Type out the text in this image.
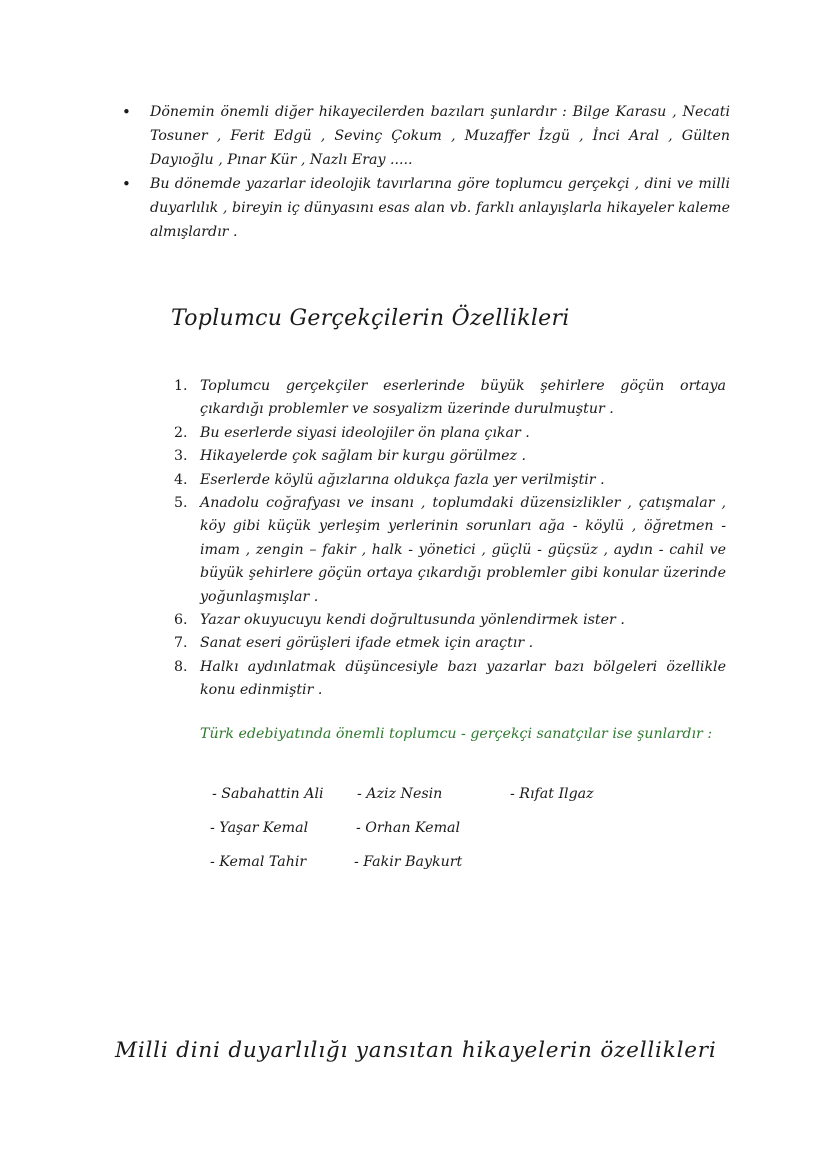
• Dönemin önemli diğer hikayecilerden bazıları şunlardır : Bilge Karasu , Necati Tosuner , Ferit Edgü , Sevinç Çokum , Muzaffer İzgü , İnci Aral , Gülten Dayıoğlu , Pınar Kür , Nazlı Eray .....
• Bu dönemde yazarlar ideolojik tavırlarına göre toplumcu gerçekçi , dini ve milli duyarlılık , bireyin iç dünyasını esas alan vb. farklı anlayışlarla hikayeler kaleme almışlardır .
Toplumcu Gerçekçilerin Özellikleri
1. Toplumcu gerçekçiler eserlerinde büyük şehirlere göçün ortaya çıkardığı problemler ve sosyalizm üzerinde durulmuştur .
2. Bu eserlerde siyasi ideolojiler ön plana çıkar .
3. Hikayelerde çok sağlam bir kurgu görülmez .
4. Eserlerde köylü ağızlarına oldukça fazla yer verilmiştir .
5. Anadolu coğrafyası ve insanı , toplumdaki düzensizlikler , çatışmalar , köy gibi küçük yerleşim yerlerinin sorunları ağa - köylü , öğretmen - imam , zengin – fakir , halk - yönetici , güçlü - güçsüz , aydın - cahil ve büyük şehirlere göçün ortaya çıkardığı problemler gibi konular üzerinde yoğunlaşmışlar .
6. Yazar okuyucuyu kendi doğrultusunda yönlendirmek ister .
7. Sanat eseri görüşleri ifade etmek için araçtır .
8. Halkı aydınlatmak düşüncesiyle bazı yazarlar bazı bölgeleri özellikle konu edinmiştir .
Türk edebiyatında önemli toplumcu - gerçekçi sanatçılar ise şunlardır :
- Sabahattin Ali - Aziz Nesin	- Rıfat Ilgaz
- Yaşar Kemal	- Orhan Kemal
- Kemal Tahir	- Fakir Baykurt
Milli dini duyarlılığı yansıtan hikayelerin özellikleri
